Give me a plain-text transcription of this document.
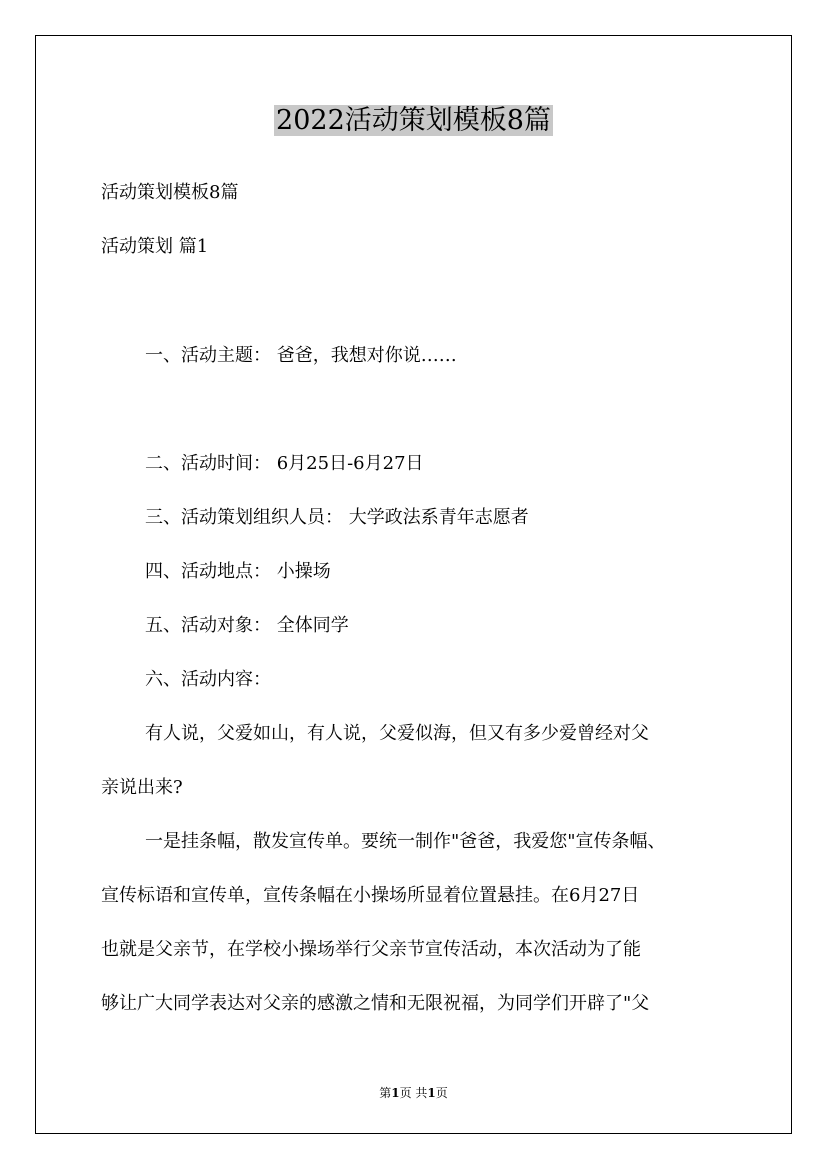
2022活动策划模板8篇
活动策划模板8篇
活动策划 篇1
一、活动主题： 爸爸，我想对你说……
二、活动时间： 6月25日-6月27日
三、活动策划组织人员： 大学政法系青年志愿者
四、活动地点： 小操场
五、活动对象： 全体同学
六、活动内容：
有人说，父爱如山，有人说，父爱似海，但又有多少爱曾经对父
亲说出来?
一是挂条幅，散发宣传单。要统一制作"爸爸，我爱您"宣传条幅、
宣传标语和宣传单，宣传条幅在小操场所显着位置悬挂。在6月27日
也就是父亲节，在学校小操场举行父亲节宣传活动，本次活动为了能
够让广大同学表达对父亲的感激之情和无限祝福，为同学们开辟了"父
第1页 共1页
